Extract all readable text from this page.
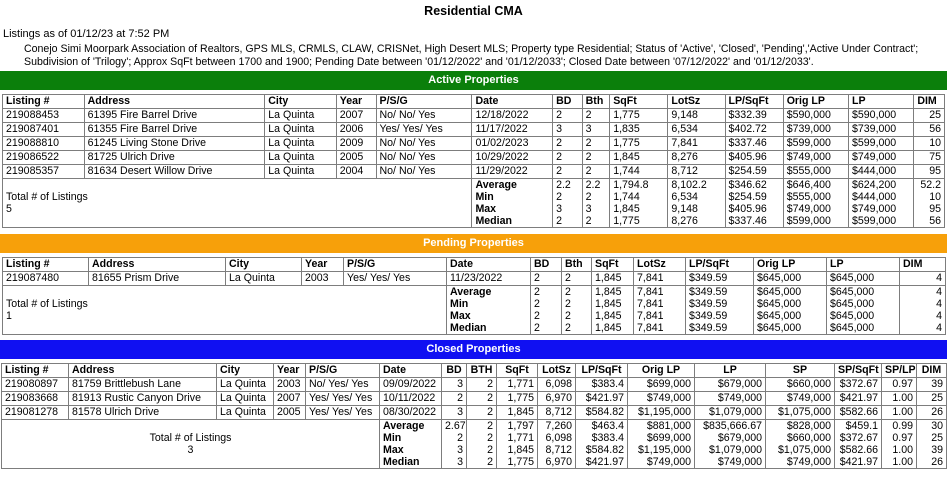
Residential CMA
Listings as of 01/12/23 at 7:52 PM
Conejo Simi Moorpark Association of Realtors, GPS MLS, CRMLS, CLAW, CRISNet, High Desert MLS; Property type Residential; Status of 'Active', 'Closed', 'Pending','Active Under Contract'; Subdivision of 'Trilogy'; Approx SqFt between 1700 and 1900; Pending Date between '01/12/2022' and '01/12/2033'; Closed Date between '07/12/2022' and '01/12/2033'.
Active Properties
Listing #	Address	City	Year	P/S/G	Date	BD	Bth	SqFt	LotSz	LP/SqFt	Orig LP	LP	DIM
219088453	61395 Fire Barrel Drive	La Quinta	2007	No/ No/ Yes	12/18/2022	2	2	1,775	9,148	$332.39	$590,000	$590,000	25
219087401	61355 Fire Barrel Drive	La Quinta	2006	Yes/ Yes/ Yes	11/17/2022	3	3	1,835	6,534	$402.72	$739,000	$739,000	56
219088810	61245 Living Stone Drive	La Quinta	2009	No/ No/ Yes	01/02/2023	2	2	1,775	7,841	$337.46	$599,000	$599,000	10
219086522	81725 Ulrich Drive	La Quinta	2005	No/ No/ Yes	10/29/2022	2	2	1,845	8,276	$405.96	$749,000	$749,000	75
219085357	81634 Desert Willow Drive	La Quinta	2004	No/ No/ Yes	11/29/2022	2	2	1,744	8,712	$254.59	$555,000	$444,000	95

Total # of Listings
5					Average	2.2	2.2	1,794.8	8,102.2	$346.62	$646,400	$624,200	52.2
					Min	2	2	1,744	6,534	$254.59	$555,000	$444,000	10
					Max	3	3	1,845	9,148	$405.96	$749,000	$749,000	95
					Median	2	2	1,775	8,276	$337.46	$599,000	$599,000	56
Pending Properties
Listing #	Address	City	Year	P/S/G	Date	BD	Bth	SqFt	LotSz	LP/SqFt	Orig LP	LP	DIM
219087480	81655 Prism Drive	La Quinta	2003	Yes/ Yes/ Yes	11/23/2022	2	2	1,845	7,841	$349.59	$645,000	$645,000	4

Total # of Listings
1					Average	2	2	1,845	7,841	$349.59	$645,000	$645,000	4
					Min	2	2	1,845	7,841	$349.59	$645,000	$645,000	4
					Max	2	2	1,845	7,841	$349.59	$645,000	$645,000	4
					Median	2	2	1,845	7,841	$349.59	$645,000	$645,000	4
Closed Properties
Listing #	Address	City	Year	P/S/G	Date	BD	BTH	SqFt	LotSz	LP/SqFt	Orig LP	LP	SP	SP/SqFt	SP/LP	DIM
219080897	81759 Brittlebush Lane	La Quinta	2003	No/ Yes/ Yes	09/09/2022	3	2	1,771	6,098	$383.4	$699,000	$679,000	$660,000	$372.67	0.97	39
219083668	81913 Rustic Canyon Drive	La Quinta	2007	Yes/ Yes/ Yes	10/11/2022	2	2	1,775	6,970	$421.97	$749,000	$749,000	$749,000	$421.97	1.00	25
219081278	81578 Ulrich Drive	La Quinta	2005	Yes/ Yes/ Yes	08/30/2022	3	2	1,845	8,712	$584.82	$1,195,000	$1,079,000	$1,075,000	$582.66	1.00	26

Total # of Listings
3					Average	2.67	2	1,797	7,260	$463.4	$881,000	$835,666.67	$828,000	$459.1	0.99	30
					Min	2	2	1,771	6,098	$383.4	$699,000	$679,000	$660,000	$372.67	0.97	25
					Max	3	2	1,845	8,712	$584.82	$1,195,000	$1,079,000	$1,075,000	$582.66	1.00	39
					Median	3	2	1,775	6,970	$421.97	$749,000	$749,000	$749,000	$421.97	1.00	26
